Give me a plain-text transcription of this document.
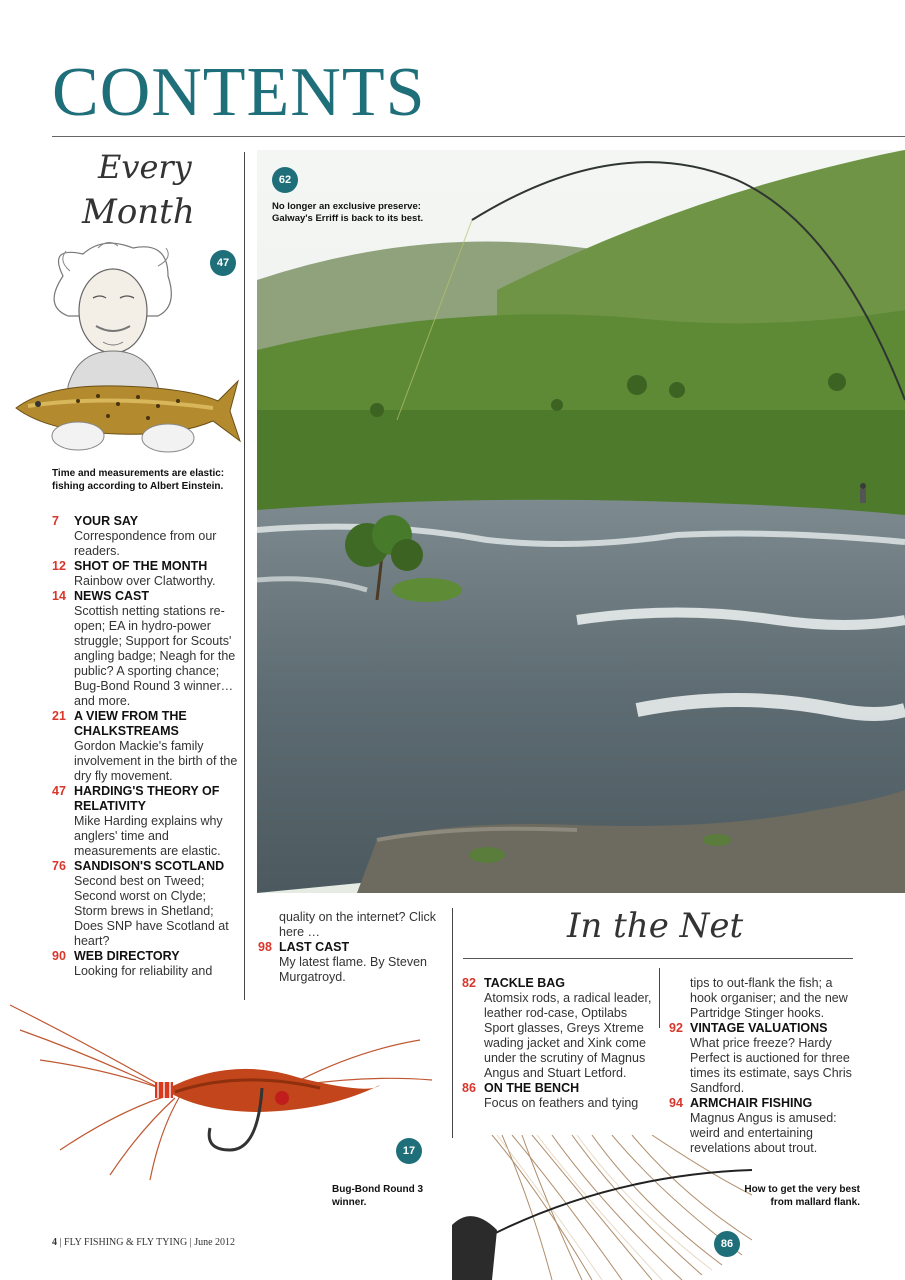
CONTENTS
Every
Month
47
Time and measurements are elastic: fishing according to Albert Einstein.
7	YOUR SAY
Correspondence from our readers.
12 SHOT OF THE MONTH
Rainbow over Clatworthy.
14 NEWS CAST
Scottish netting stations re-open; EA in hydro-power struggle; Support for Scouts' angling badge; Neagh for the public? A sporting chance; Bug-Bond Round 3 winner… and more.
21 A VIEW FROM THE CHALKSTREAMS
Gordon Mackie's family involvement in the birth of the dry fly movement.
47 HARDING'S THEORY OF RELATIVITY
Mike Harding explains why anglers' time and measurements are elastic.
76 SANDISON'S SCOTLAND
Second best on Tweed; Second worst on Clyde; Storm brews in Shetland; Does SNP have Scotland at heart?
90 WEB DIRECTORY
Looking for reliability and
62
No longer an exclusive preserve: Galway's Erriff is back to its best.
quality on the internet? Click here …
98 LAST CAST
My latest flame. By Steven Murgatroyd.
In the Net
82 TACKLE BAG
Atomsix rods, a radical leader, leather rod-case, Optilabs Sport glasses, Greys Xtreme wading jacket and Xink come under the scrutiny of Magnus Angus and Stuart Letford.
86 ON THE BENCH
Focus on feathers and tying
tips to out-flank the fish; a hook organiser; and the new Partridge Stinger hooks.
92 VINTAGE VALUATIONS
What price freeze? Hardy Perfect is auctioned for three times its estimate, says Chris Sandford.
94 ARMCHAIR FISHING
Magnus Angus is amused: weird and entertaining revelations about trout.
17
Bug-Bond Round 3 winner.
How to get the very best from mallard flank.
86
4 | FLY FISHING & FLY TYING | June 2012
